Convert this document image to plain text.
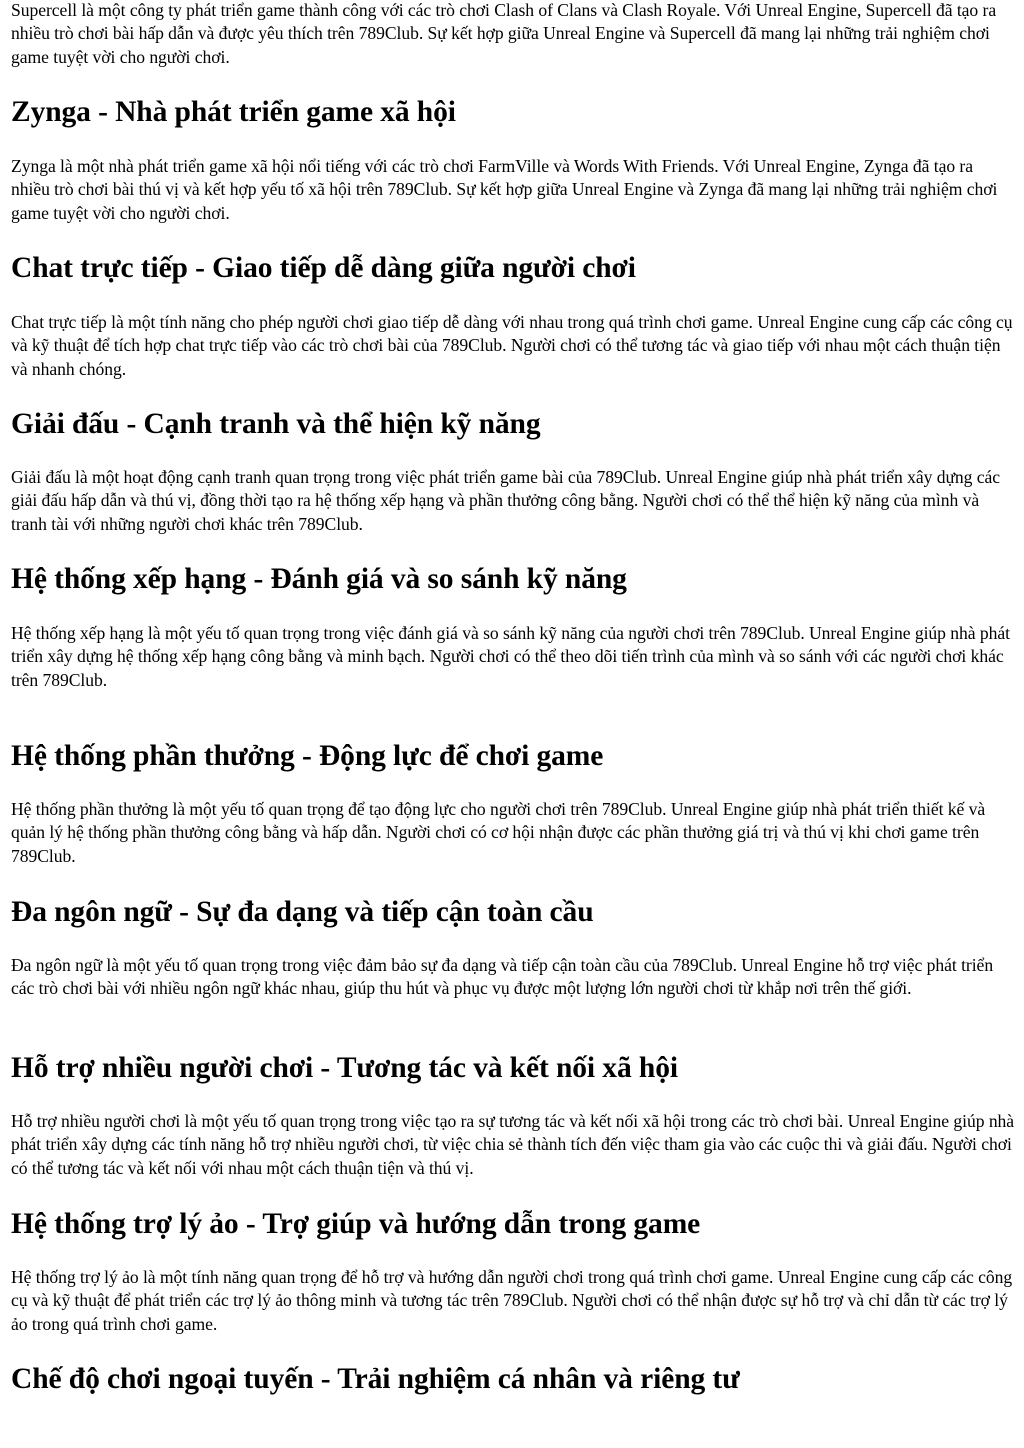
Supercell là một công ty phát triển game thành công với các trò chơi Clash of Clans và Clash Royale. Với Unreal Engine, Supercell đã tạo ra nhiều trò chơi bài hấp dẫn và được yêu thích trên 789Club. Sự kết hợp giữa Unreal Engine và Supercell đã mang lại những trải nghiệm chơi game tuyệt vời cho người chơi.

Zynga - Nhà phát triển game xã hội

Zynga là một nhà phát triển game xã hội nổi tiếng với các trò chơi FarmVille và Words With Friends. Với Unreal Engine, Zynga đã tạo ra nhiều trò chơi bài thú vị và kết hợp yếu tố xã hội trên 789Club. Sự kết hợp giữa Unreal Engine và Zynga đã mang lại những trải nghiệm chơi game tuyệt vời cho người chơi.

Chat trực tiếp - Giao tiếp dễ dàng giữa người chơi

Chat trực tiếp là một tính năng cho phép người chơi giao tiếp dễ dàng với nhau trong quá trình chơi game. Unreal Engine cung cấp các công cụ và kỹ thuật để tích hợp chat trực tiếp vào các trò chơi bài của 789Club. Người chơi có thể tương tác và giao tiếp với nhau một cách thuận tiện và nhanh chóng.

Giải đấu - Cạnh tranh và thể hiện kỹ năng

Giải đấu là một hoạt động cạnh tranh quan trọng trong việc phát triển game bài của 789Club. Unreal Engine giúp nhà phát triển xây dựng các giải đấu hấp dẫn và thú vị, đồng thời tạo ra hệ thống xếp hạng và phần thưởng công bằng. Người chơi có thể thể hiện kỹ năng của mình và tranh tài với những người chơi khác trên 789Club.

Hệ thống xếp hạng - Đánh giá và so sánh kỹ năng

Hệ thống xếp hạng là một yếu tố quan trọng trong việc đánh giá và so sánh kỹ năng của người chơi trên 789Club. Unreal Engine giúp nhà phát triển xây dựng hệ thống xếp hạng công bằng và minh bạch. Người chơi có thể theo dõi tiến trình của mình và so sánh với các người chơi khác trên 789Club.

Hệ thống phần thưởng - Động lực để chơi game

Hệ thống phần thưởng là một yếu tố quan trọng để tạo động lực cho người chơi trên 789Club. Unreal Engine giúp nhà phát triển thiết kế và quản lý hệ thống phần thưởng công bằng và hấp dẫn. Người chơi có cơ hội nhận được các phần thưởng giá trị và thú vị khi chơi game trên 789Club.

Đa ngôn ngữ - Sự đa dạng và tiếp cận toàn cầu

Đa ngôn ngữ là một yếu tố quan trọng trong việc đảm bảo sự đa dạng và tiếp cận toàn cầu của 789Club. Unreal Engine hỗ trợ việc phát triển các trò chơi bài với nhiều ngôn ngữ khác nhau, giúp thu hút và phục vụ được một lượng lớn người chơi từ khắp nơi trên thế giới.

Hỗ trợ nhiều người chơi - Tương tác và kết nối xã hội

Hỗ trợ nhiều người chơi là một yếu tố quan trọng trong việc tạo ra sự tương tác và kết nối xã hội trong các trò chơi bài. Unreal Engine giúp nhà phát triển xây dựng các tính năng hỗ trợ nhiều người chơi, từ việc chia sẻ thành tích đến việc tham gia vào các cuộc thi và giải đấu. Người chơi có thể tương tác và kết nối với nhau một cách thuận tiện và thú vị.

Hệ thống trợ lý ảo - Trợ giúp và hướng dẫn trong game

Hệ thống trợ lý ảo là một tính năng quan trọng để hỗ trợ và hướng dẫn người chơi trong quá trình chơi game. Unreal Engine cung cấp các công cụ và kỹ thuật để phát triển các trợ lý ảo thông minh và tương tác trên 789Club. Người chơi có thể nhận được sự hỗ trợ và chỉ dẫn từ các trợ lý ảo trong quá trình chơi game.

Chế độ chơi ngoại tuyến - Trải nghiệm cá nhân và riêng tư
